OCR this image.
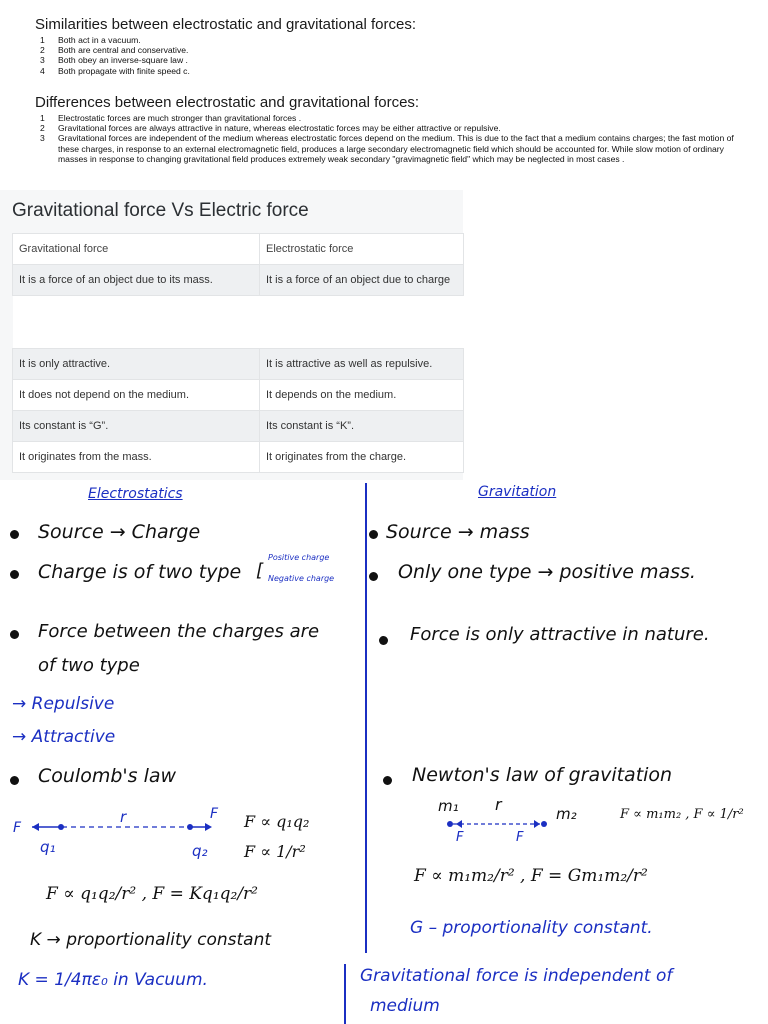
Similarities between electrostatic and gravitational forces:
1	Both act in a vacuum.
2	Both are central and conservative.
3	Both obey an inverse-square law .
4	Both propagate with finite speed c.
Differences between electrostatic and gravitational forces:
1	Electrostatic forces are much stronger than gravitational forces .
2	Gravitational forces are always attractive in nature, whereas electrostatic forces may be either attractive or repulsive.
3	Gravitational forces are independent of the medium whereas electrostatic forces depend on the medium. This is due to the fact that a medium contains charges; the fast motion of these charges, in response to an external electromagnetic field, produces a large secondary electromagnetic field which should be accounted for. While slow motion of ordinary masses in response to changing gravitational field produces extremely weak secondary "gravimagnetic field" which may be neglected in most cases .
Gravitational force Vs Electric force
Gravitational force	Electrostatic force
It is a force of an object due to its mass.	It is a force of an object due to charge

It is only attractive.	It is attractive as well as repulsive.
It does not depend on the medium.	It depends on the medium.
Its constant is “G”.	Its constant is “K”.
It originates from the mass.	It originates from the charge.
Electrostatics	Gravitation
Source → Charge
Charge is of two type [
Positive charge
Negative charge
Force between the charges are
of two type
→ Repulsive
→ Attractive
Coulomb's law
F
r	F
q₁	q₂
F ∝ q₁q₂
F ∝ 1/r²
F ∝ q₁q₂/r² , F = Kq₁q₂/r²
K → proportionality constant
K = 1/4πε₀ in Vacuum.
Source → mass
Only one type → positive mass.
Force is only attractive in nature.
Newton's law of gravitation
m₁ r	m₂
F	F
F ∝ m₁m₂ , F ∝ 1/r²
F ∝ m₁m₂/r² , F = Gm₁m₂/r²
G – proportionality constant.
Gravitational force is independent of
medium
